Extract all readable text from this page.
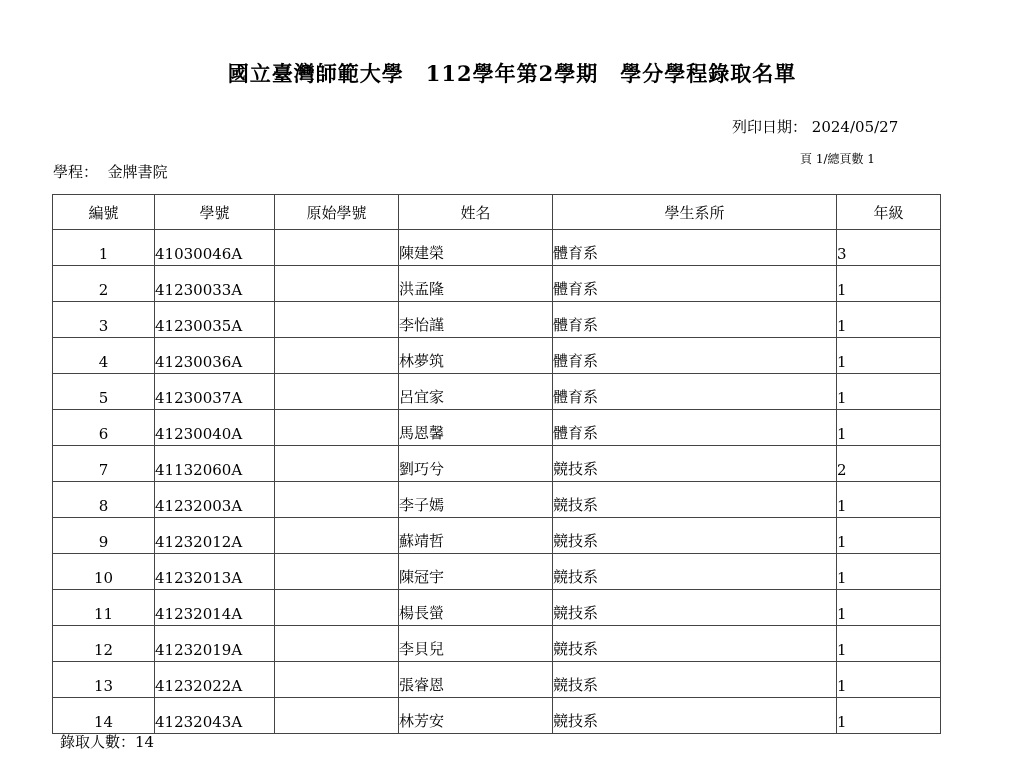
國立臺灣師範大學　112學年第2學期　學分學程錄取名單
列印日期： 2024/05/27
頁 1/總頁數 1
學程： 金牌書院
編號	學號	原始學號	姓名	學生系所	年級
1	41030046A		陳建榮	體育系	3
2	41230033A		洪孟隆	體育系	1
3	41230035A		李怡謹	體育系	1
4	41230036A		林夢筑	體育系	1
5	41230037A		呂宜家	體育系	1
6	41230040A		馬恩馨	體育系	1
7	41132060A		劉巧兮	競技系	2
8	41232003A		李子嫣	競技系	1
9	41232012A		蘇靖哲	競技系	1
10	41232013A		陳冠宇	競技系	1
11	41232014A		楊長螢	競技系	1
12	41232019A		李貝兒	競技系	1
13	41232022A		張睿恩	競技系	1
14	41232043A		林芳安	競技系	1
錄取人數：14
